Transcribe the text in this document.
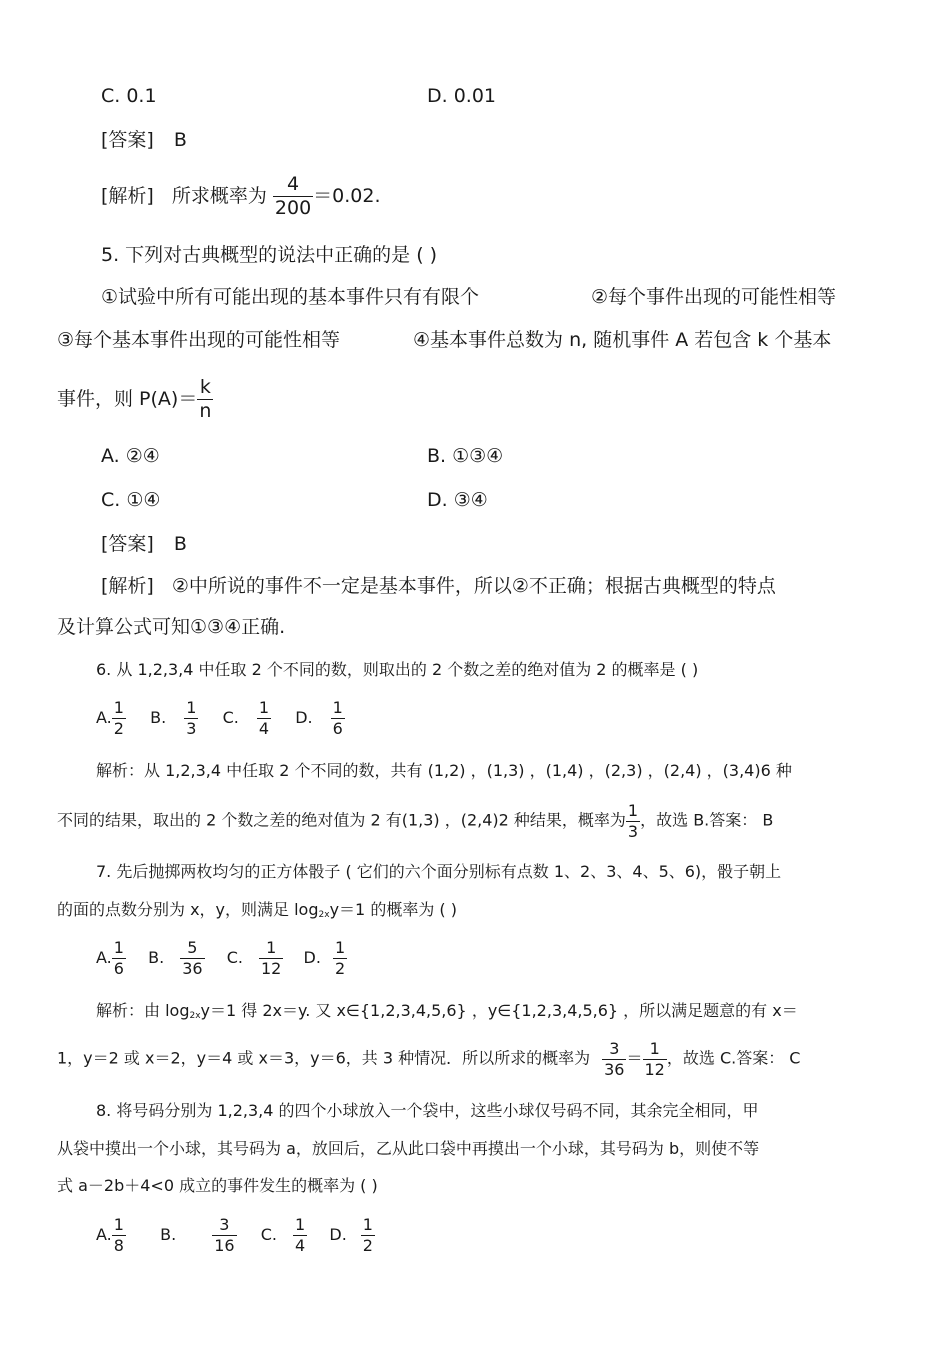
C. 0.1	D. 0.01
[答案] B
[解析] 所求概率为 $\frac{4}{200} =0.02$.
5. 下列对古典概型的说法中正确的是 ( )
①试验中所有可能出现的基本事件只有有限个	②每个事件出现的可能性相等
③每个基本事件出现的可能性相等	④基本事件总数为 n, 随机事件 A 若包含 k 个基本
事件，则 $P(A)= \frac{k}{n}$
A. ②④	B. ①③④
C. ①④	D. ③④
[答案] B
[解析] ②中所说的事件不一定是基本事件，所以②不正确；根据古典概型的特点
及计算公式可知①③④正确.
6. 从 1,2,3,4 中任取 2 个不同的数，则取出的 2 个数之差的绝对值为 2 的概率是 ( )
A. $\frac{1}{2} B$. $\frac{1}{3} C$. $\frac{1}{4} D$. $\frac{1}{6}$
解析：从 1,2,3,4 中任取 2 个不同的数，共有 (1,2) ，(1,3) ，(1,4) ，(2,3) ，(2,4) ，(3,4)6 种
不同的结果，取出的 2 个数之差的绝对值为 2 有(1,3) ，(2,4)2 种结果，概率为 $\frac{1}{3}$ ，故选 B.答案： B
7. 先后抛掷两枚均匀的正方体骰子 ( 它们的六个面分别标有点数 1、2、3、4、5、6)，骰子朝上
的面的点数分别为 x，y，则满足 $\log_{2x}y=1$ 的概率为 ( )
A. $\frac{1}{6} B$. $\frac{5}{36} C$. $\frac{1}{12} D$. $\frac{1}{2}$
解析：由 $\log_{2x}y=1$ 得 2x＝y. 又 x∈{1,2,3,4,5,6} ，y∈{1,2,3,4,5,6} ，所以满足题意的有 x＝
1，y＝2 或 x＝2，y＝4 或 x＝3，y＝6，共 3 种情况．所以所求的概率为 $\frac{3}{36} = \frac{1}{12}$ ，故选 C.答案： C
8. 将号码分别为 1,2,3,4 的四个小球放入一个袋中，这些小球仅号码不同，其余完全相同，甲
从袋中摸出一个小球，其号码为 a，放回后，乙从此口袋中再摸出一个小球，其号码为 b，则使不等
式 a－2b＋4<0 成立的事件发生的概率为 ( )
A. $\frac{1}{8} B$. $\frac{3}{16} C$. $\frac{1}{4} D$. $\frac{1}{2}$
